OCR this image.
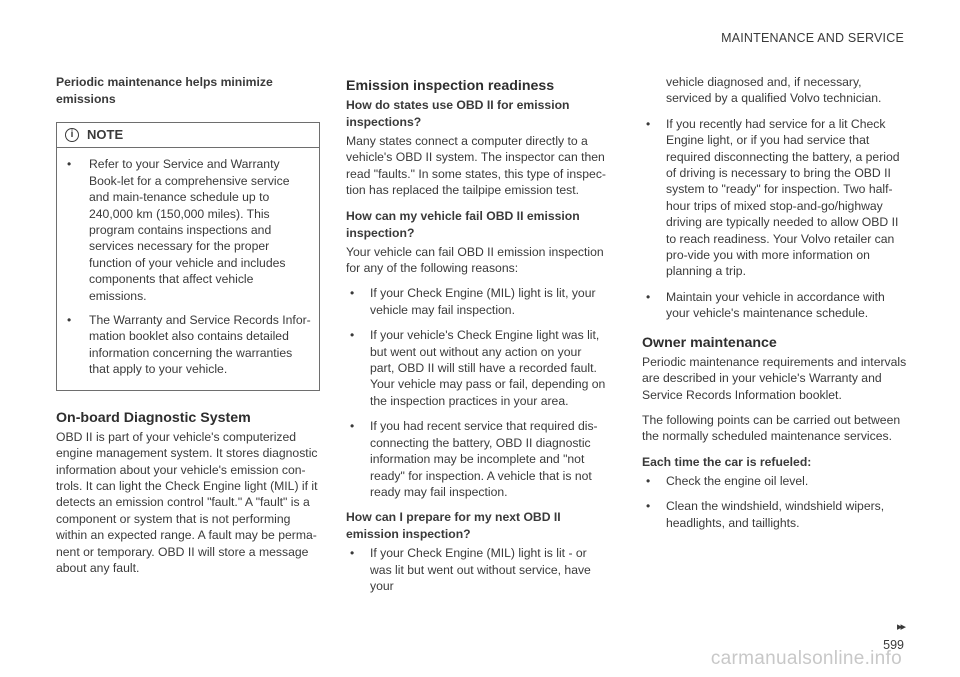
MAINTENANCE AND SERVICE
Periodic maintenance helps minimize emissions
i	NOTE
• Refer to your Service and Warranty Book-let for a comprehensive service and main-tenance schedule up to 240,000 km (150,000 miles). This program contains inspections and services necessary for the proper function of your vehicle and includes components that affect vehicle emissions.
• The Warranty and Service Records Infor-mation booklet also contains detailed information concerning the warranties that apply to your vehicle.
On-board Diagnostic System

OBD II is part of your vehicle's computerized engine management system. It stores diagnostic information about your vehicle's emission con-trols. It can light the Check Engine light (MIL) if it detects an emission control "fault." A "fault" is a component or system that is not performing within an expected range. A fault may be perma-nent or temporary. OBD II will store a message about any fault.

Emission inspection readiness
How do states use OBD II for emission inspections?

Many states connect a computer directly to a vehicle's OBD II system. The inspector can then read "faults." In some states, this type of inspec-tion has replaced the tailpipe emission test.

How can my vehicle fail OBD II emission inspection?

Your vehicle can fail OBD II emission inspection for any of the following reasons:

• If your Check Engine (MIL) light is lit, your vehicle may fail inspection.
• If your vehicle's Check Engine light was lit, but went out without any action on your part, OBD II will still have a recorded fault. Your vehicle may pass or fail, depending on the inspection practices in your area.
• If you had recent service that required dis-connecting the battery, OBD II diagnostic information may be incomplete and "not ready" for inspection. A vehicle that is not ready may fail inspection.
How can I prepare for my next OBD II emission inspection?
• If your Check Engine (MIL) light is lit - or was lit but went out without service, have your

vehicle diagnosed and, if necessary, serviced by a qualified Volvo technician.

• If you recently had service for a lit Check Engine light, or if you had service that required disconnecting the battery, a period of driving is necessary to bring the OBD II system to "ready" for inspection. Two half-hour trips of mixed stop-and-go/highway driving are typically needed to allow OBD II to reach readiness. Your Volvo retailer can pro-vide you with more information on planning a trip.
• Maintain your vehicle in accordance with your vehicle's maintenance schedule.
Owner maintenance

Periodic maintenance requirements and intervals are described in your vehicle's Warranty and Service Records Information booklet.

The following points can be carried out between the normally scheduled maintenance services.

Each time the car is refueled:
• Check the engine oil level.
• Clean the windshield, windshield wipers, headlights, and taillights.
▸▸
599
carmanualsonline.info
